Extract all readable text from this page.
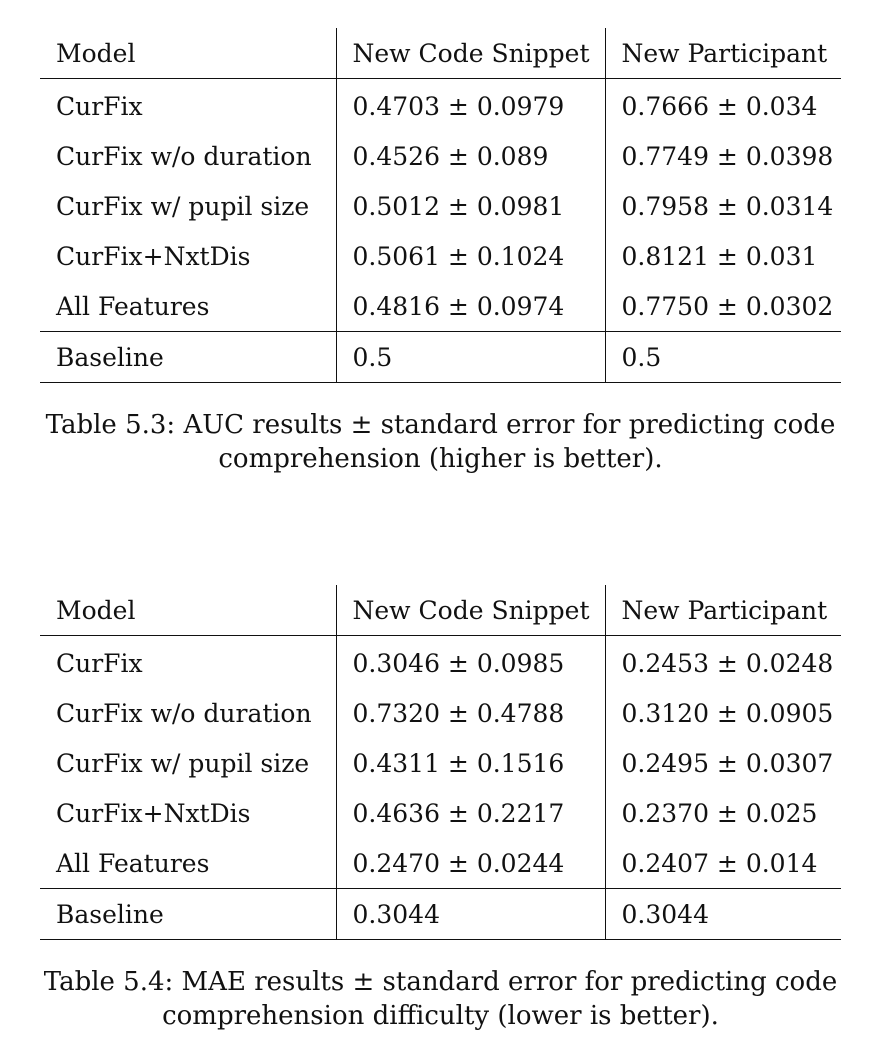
Model	New Code Snippet	New Participant
CurFix	0.4703 ± 0.0979	0.7666 ± 0.034
CurFix w/o duration	0.4526 ± 0.089	0.7749 ± 0.0398
CurFix w/ pupil size	0.5012 ± 0.0981	0.7958 ± 0.0314
CurFix+NxtDis	0.5061 ± 0.1024	0.8121 ± 0.031
All Features	0.4816 ± 0.0974	0.7750 ± 0.0302
Baseline	0.5	0.5
Table 5.3: AUC results ± standard error for predicting code
comprehension (higher is better).
Model	New Code Snippet	New Participant
CurFix	0.3046 ± 0.0985	0.2453 ± 0.0248
CurFix w/o duration	0.7320 ± 0.4788	0.3120 ± 0.0905
CurFix w/ pupil size	0.4311 ± 0.1516	0.2495 ± 0.0307
CurFix+NxtDis	0.4636 ± 0.2217	0.2370 ± 0.025
All Features	0.2470 ± 0.0244	0.2407 ± 0.014
Baseline	0.3044	0.3044
Table 5.4: MAE results ± standard error for predicting code
comprehension difficulty (lower is better).
